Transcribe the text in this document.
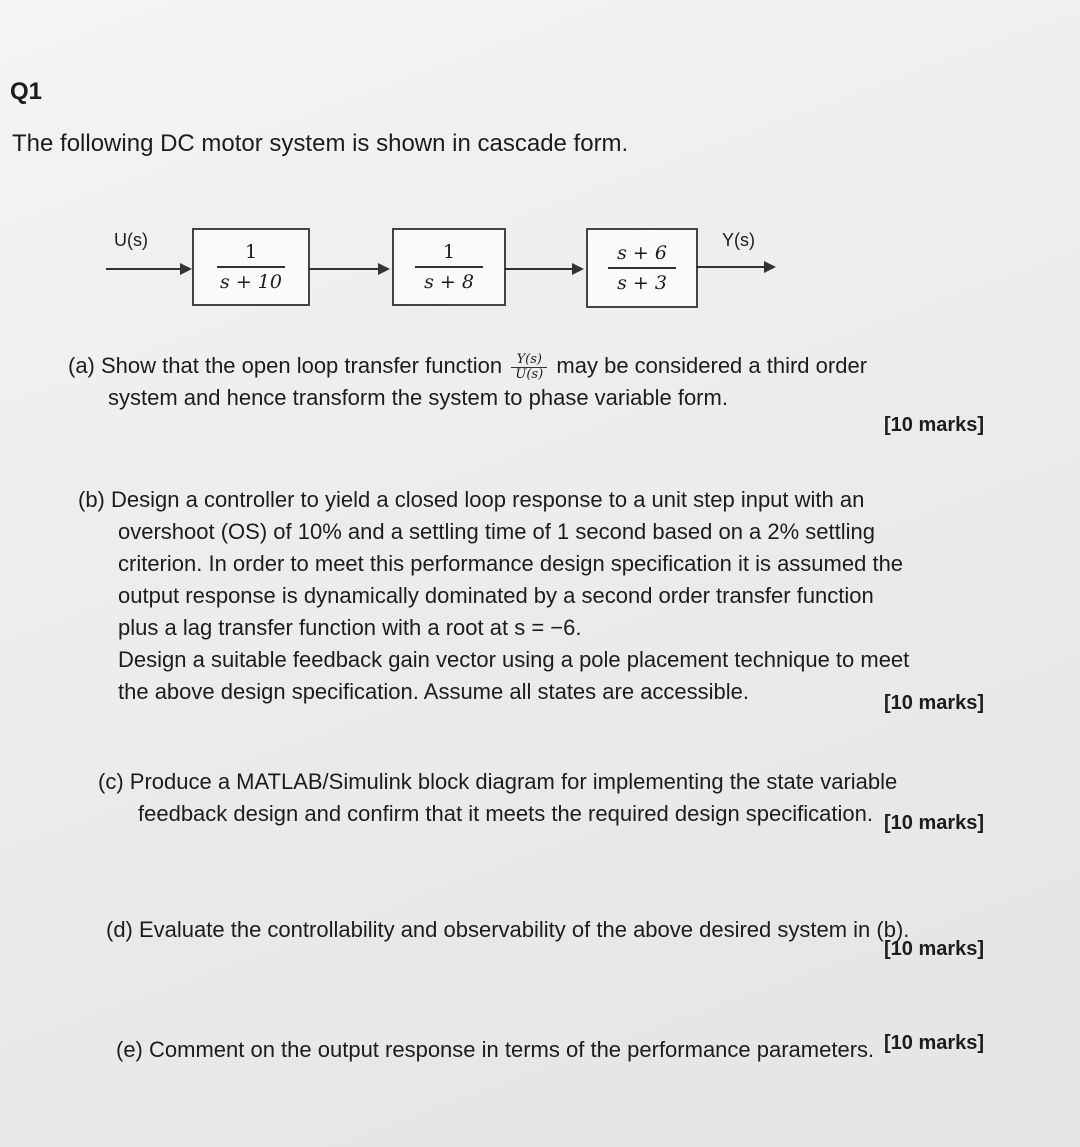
Q1
The following DC motor system is shown in cascade form.
U(s)	Y(s)
1
s + 10
1
s + 8
s + 6
s + 3
(a) Show that the open loop transfer function $\frac{Y(s)}{U(s)}$ may be considered a third order
system and hence transform the system to phase variable form.
[10 marks]
(b) Design a controller to yield a closed loop response to a unit step input with an
overshoot (OS) of 10% and a settling time of 1 second based on a 2% settling
criterion. In order to meet this performance design specification it is assumed the
output response is dynamically dominated by a second order transfer function
plus a lag transfer function with a root at s = −6.
Design a suitable feedback gain vector using a pole placement technique to meet
the above design specification. Assume all states are accessible.	[10 marks]
(c) Produce a MATLAB/Simulink block diagram for implementing the state variable
feedback design and confirm that it meets the required design specification. [10 marks]
(d) Evaluate the controllability and observability of the above desired system in (b).
[10 marks]
(e) Comment on the output response in terms of the performance parameters. [10 marks]
